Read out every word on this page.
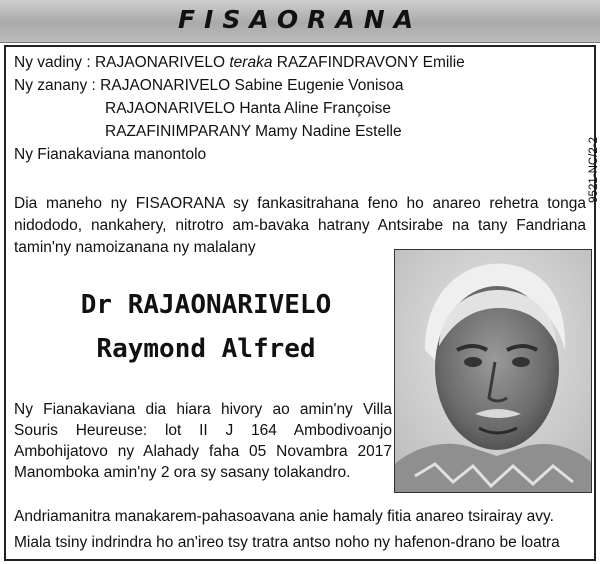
FISAORANA
9521-NC/2-2
Ny vadiny : RAJAONARIVELO teraka RAZAFINDRAVONY Emilie
Ny zanany : RAJAONARIVELO Sabine Eugenie Vonisoa
RAJAONARIVELO Hanta Aline Françoise
RAZAFINIMPARANY Mamy Nadine Estelle
Ny Fianakaviana manontolo
Dia maneho ny FISAORANA sy fankasitrahana feno ho anareo rehetra tonga nidododo, nankahery, nitrotro am-bavaka hatrany Antsirabe na tany Fandriana tamin'ny namoizanana ny malalany
Dr RAJAONARIVELO
Raymond Alfred
Ny Fianakaviana dia hiara hivory ao amin'ny Villa Souris Heureuse: lot II J 164 Ambodivoanjo Ambohijatovo ny Alahady faha 05 Novambra 2017 Manomboka amin'ny 2 ora sy sasany tolakandro.
Andriamanitra manakarem-pahasoavana anie hamaly fitia anareo tsirairay avy.
Miala tsiny indrindra ho an'ireo tsy tratra antso noho ny hafenon-drano be loatra
